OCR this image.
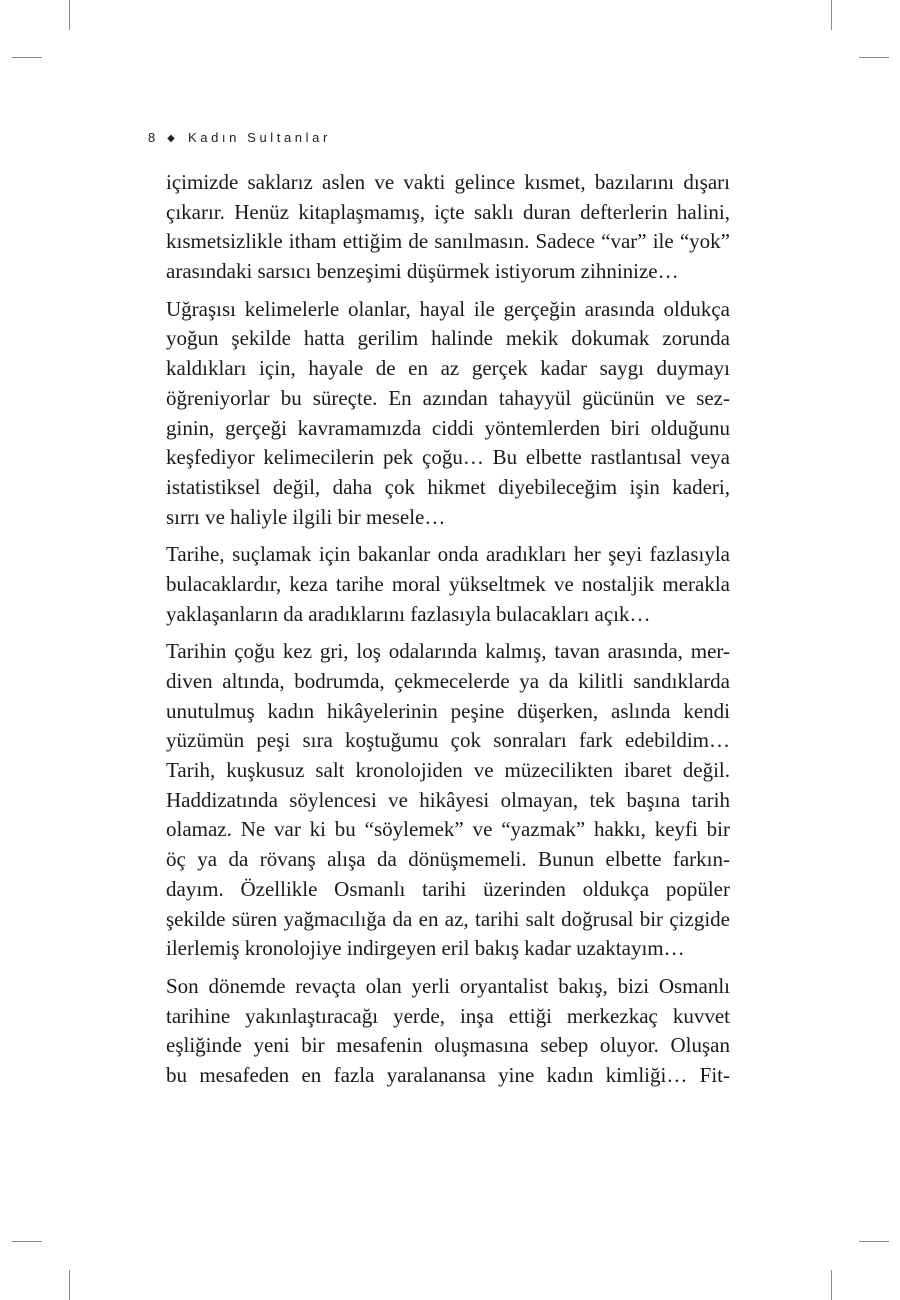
8 ◆ Kadın Sultanlar
içimizde saklarız aslen ve vakti gelince kısmet, bazılarını dışarı
çıkarır. Henüz kitaplaşmamış, içte saklı duran defterlerin halini,
kısmetsizlikle itham ettiğim de sanılmasın. Sadece “var” ile “yok”
arasındaki sarsıcı benzeşimi düşürmek istiyorum zihninize…
Uğraşısı kelimelerle olanlar, hayal ile gerçeğin arasında oldukça
yoğun şekilde hatta gerilim halinde mekik dokumak zorunda
kaldıkları için, hayale de en az gerçek kadar saygı duymayı
öğreniyorlar bu süreçte. En azından tahayyül gücünün ve sez-
ginin, gerçeği kavramamızda ciddi yöntemlerden biri olduğunu
keşfediyor kelimecilerin pek çoğu… Bu elbette rastlantısal veya
istatistiksel değil, daha çok hikmet diyebileceğim işin kaderi,
sırrı ve haliyle ilgili bir mesele…
Tarihe, suçlamak için bakanlar onda aradıkları her şeyi fazlasıyla
bulacaklardır, keza tarihe moral yükseltmek ve nostaljik merakla
yaklaşanların da aradıklarını fazlasıyla bulacakları açık…
Tarihin çoğu kez gri, loş odalarında kalmış, tavan arasında, mer-
diven altında, bodrumda, çekmecelerde ya da kilitli sandıklarda
unutulmuş kadın hikâyelerinin peşine düşerken, aslında kendi
yüzümün peşi sıra koştuğumu çok sonraları fark edebildim…
Tarih, kuşkusuz salt kronolojiden ve müzecilikten ibaret değil.
Haddizatında söylencesi ve hikâyesi olmayan, tek başına tarih
olamaz. Ne var ki bu “söylemek” ve “yazmak” hakkı, keyfi bir
öç ya da rövanş alışa da dönüşmemeli. Bunun elbette farkın-
dayım. Özellikle Osmanlı tarihi üzerinden oldukça popüler
şekilde süren yağmacılığa da en az, tarihi salt doğrusal bir çizgide
ilerlemiş kronolojiye indirgeyen eril bakış kadar uzaktayım…
Son dönemde revaçta olan yerli oryantalist bakış, bizi Osmanlı
tarihine yakınlaştıracağı yerde, inşa ettiği merkezkaç kuvvet
eşliğinde yeni bir mesafenin oluşmasına sebep oluyor. Oluşan
bu mesafeden en fazla yaralanansa yine kadın kimliği… Fit-
